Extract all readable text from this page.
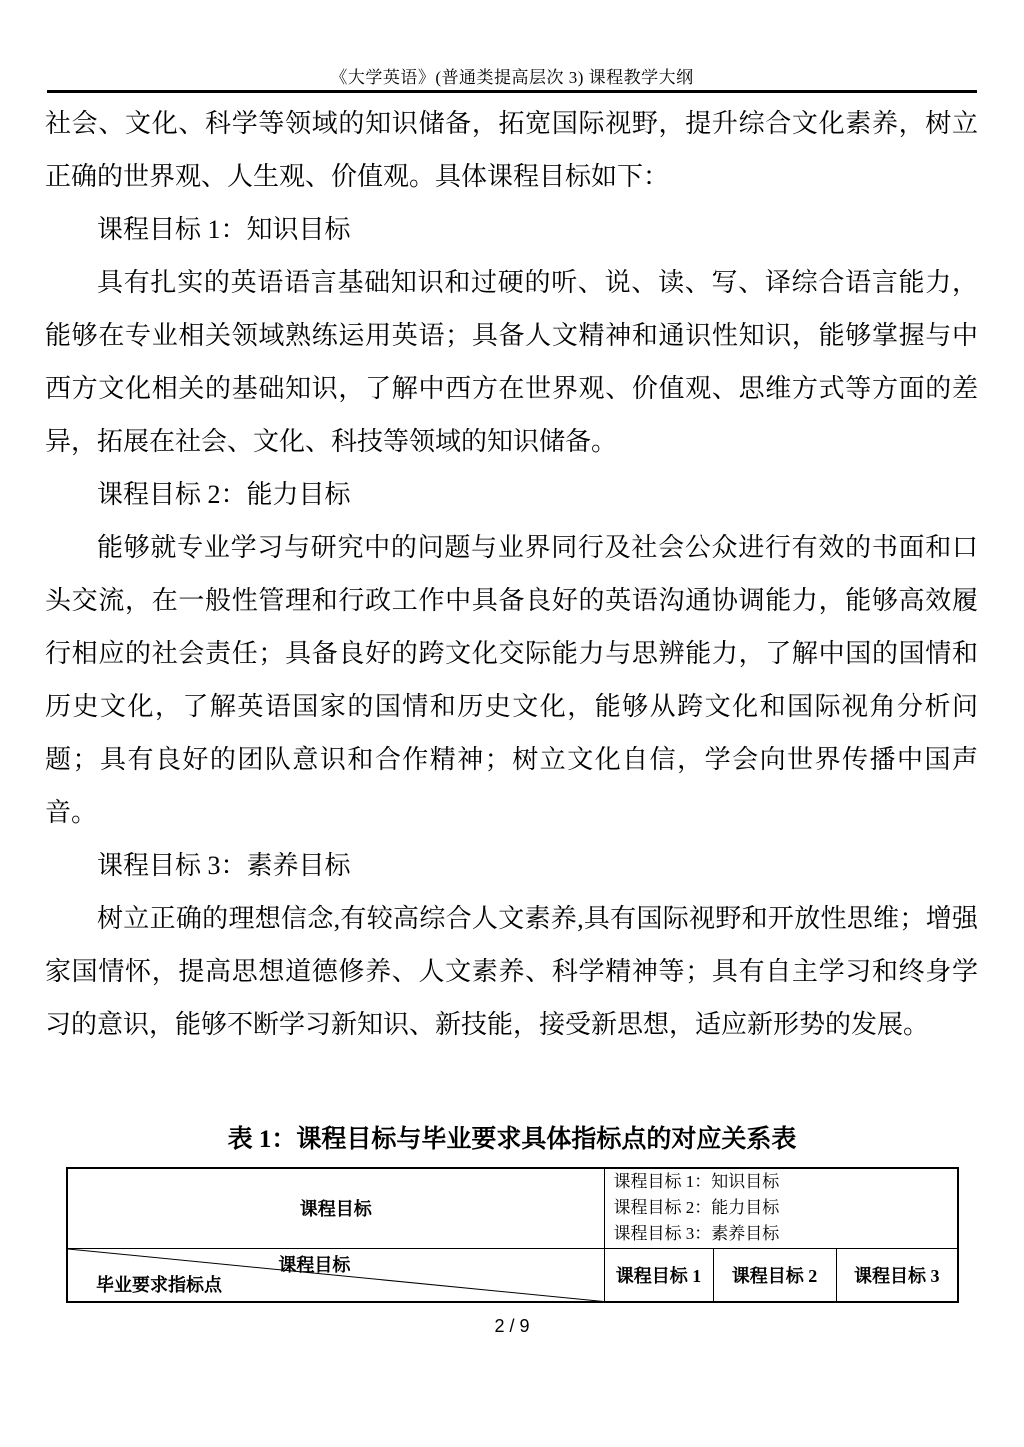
《大学英语》(普通类提高层次 3) 课程教学大纲

社会、文化、科学等领域的知识储备，拓宽国际视野，提升综合文化素养，树立正确的世界观、人生观、价值观。具体课程目标如下：

课程目标 1：知识目标

具有扎实的英语语言基础知识和过硬的听、说、读、写、译综合语言能力，能够在专业相关领域熟练运用英语；具备人文精神和通识性知识，能够掌握与中西方文化相关的基础知识，了解中西方在世界观、价值观、思维方式等方面的差异，拓展在社会、文化、科技等领域的知识储备。

课程目标 2：能力目标

能够就专业学习与研究中的问题与业界同行及社会公众进行有效的书面和口头交流，在一般性管理和行政工作中具备良好的英语沟通协调能力，能够高效履行相应的社会责任；具备良好的跨文化交际能力与思辨能力，了解中国的国情和历史文化，了解英语国家的国情和历史文化，能够从跨文化和国际视角分析问题；具有良好的团队意识和合作精神；树立文化自信，学会向世界传播中国声音。

课程目标 3：素养目标

树立正确的理想信念,有较高综合人文素养,具有国际视野和开放性思维；增强家国情怀，提高思想道德修养、人文素养、科学精神等；具有自主学习和终身学习的意识，能够不断学习新知识、新技能，接受新思想，适应新形势的发展。

表 1：课程目标与毕业要求具体指标点的对应关系表
课程目标	课程目标 1：知识目标
课程目标 2：能力目标
课程目标 3：素养目标		

课程目标
毕业要求指标点	课程目标 1	课程目标 2	课程目标 3
2 / 9
